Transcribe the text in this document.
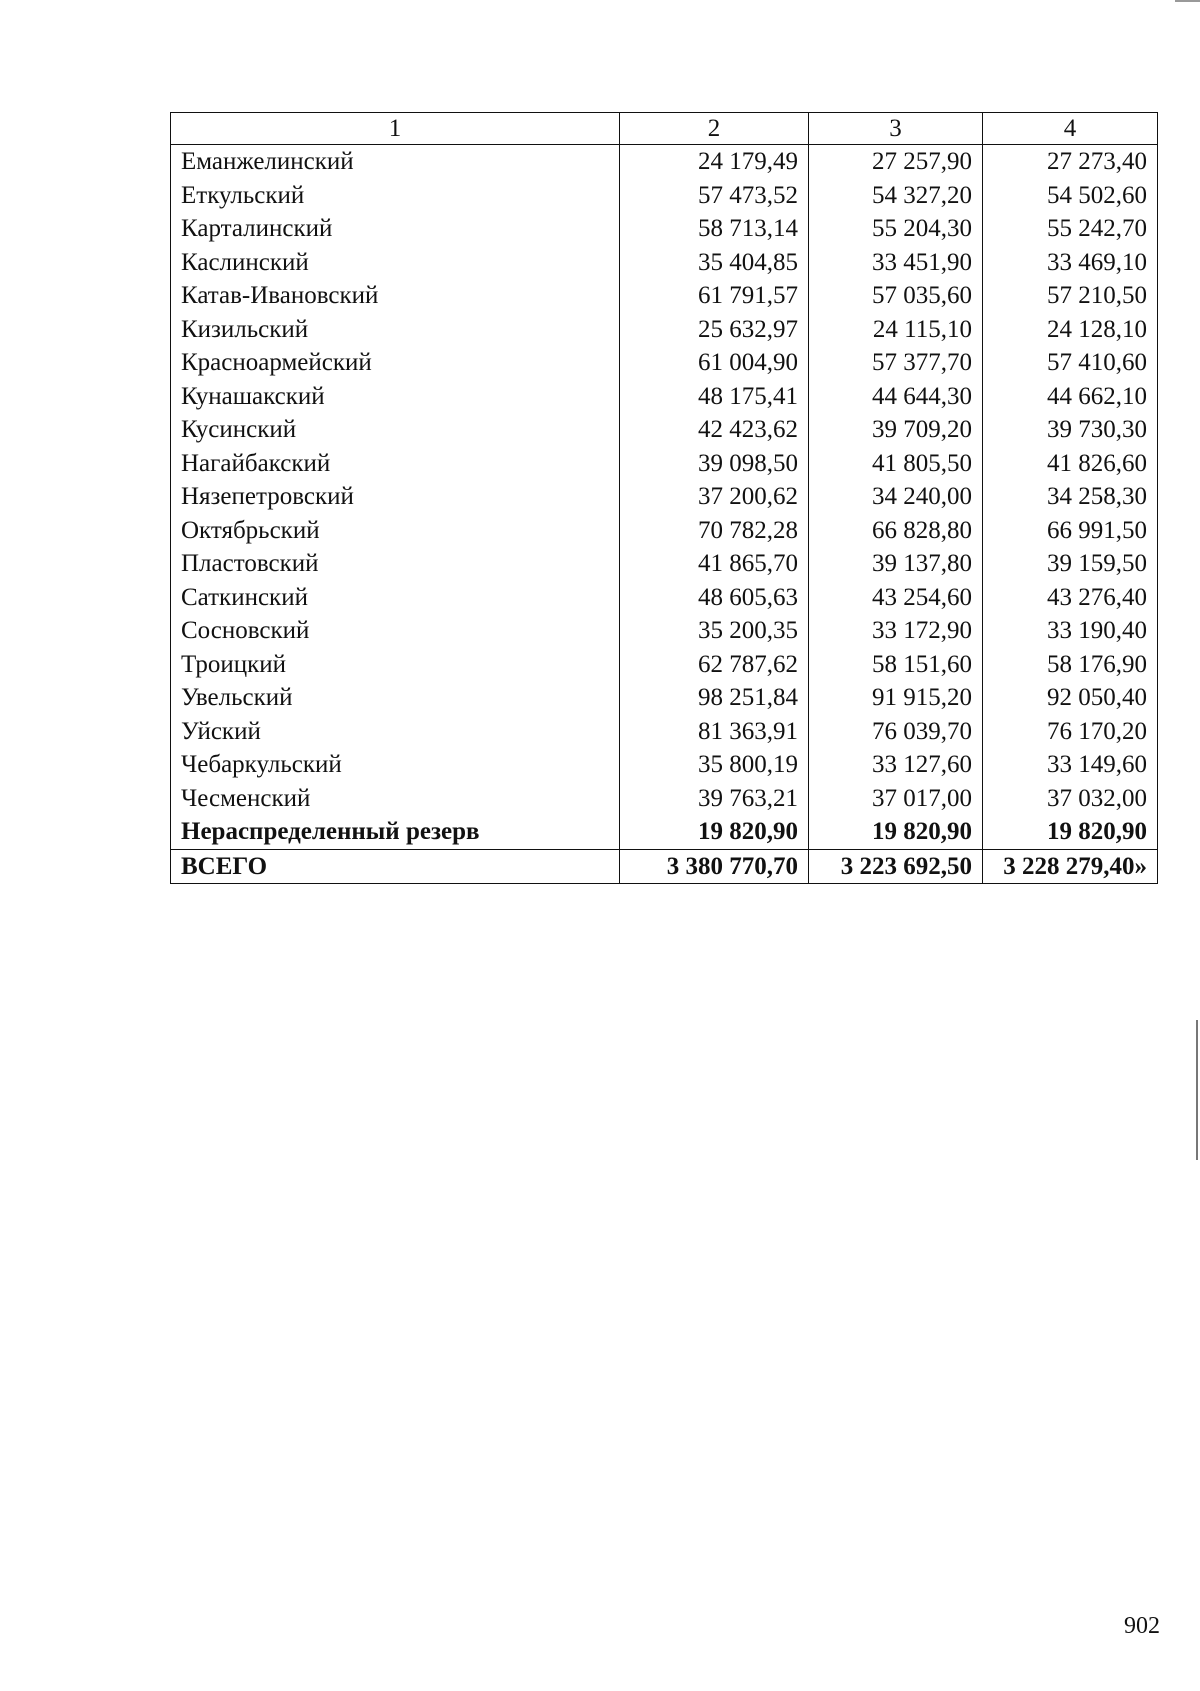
1	2	3	4
Еманжелинский	24 179,49	27 257,90	27 273,40
Еткульский	57 473,52	54 327,20	54 502,60
Карталинский	58 713,14	55 204,30	55 242,70
Каслинский	35 404,85	33 451,90	33 469,10
Катав-Ивановский	61 791,57	57 035,60	57 210,50
Кизильский	25 632,97	24 115,10	24 128,10
Красноармейский	61 004,90	57 377,70	57 410,60
Кунашакский	48 175,41	44 644,30	44 662,10
Кусинский	42 423,62	39 709,20	39 730,30
Нагайбакский	39 098,50	41 805,50	41 826,60
Нязепетровский	37 200,62	34 240,00	34 258,30
Октябрьский	70 782,28	66 828,80	66 991,50
Пластовский	41 865,70	39 137,80	39 159,50
Саткинский	48 605,63	43 254,60	43 276,40
Сосновский	35 200,35	33 172,90	33 190,40
Троицкий	62 787,62	58 151,60	58 176,90
Увельский	98 251,84	91 915,20	92 050,40
Уйский	81 363,91	76 039,70	76 170,20
Чебаркульский	35 800,19	33 127,60	33 149,60
Чесменский	39 763,21	37 017,00	37 032,00
Нераспределенный резерв	19 820,90	19 820,90	19 820,90
ВСЕГО	3 380 770,70	3 223 692,50	3 228 279,40»
902
